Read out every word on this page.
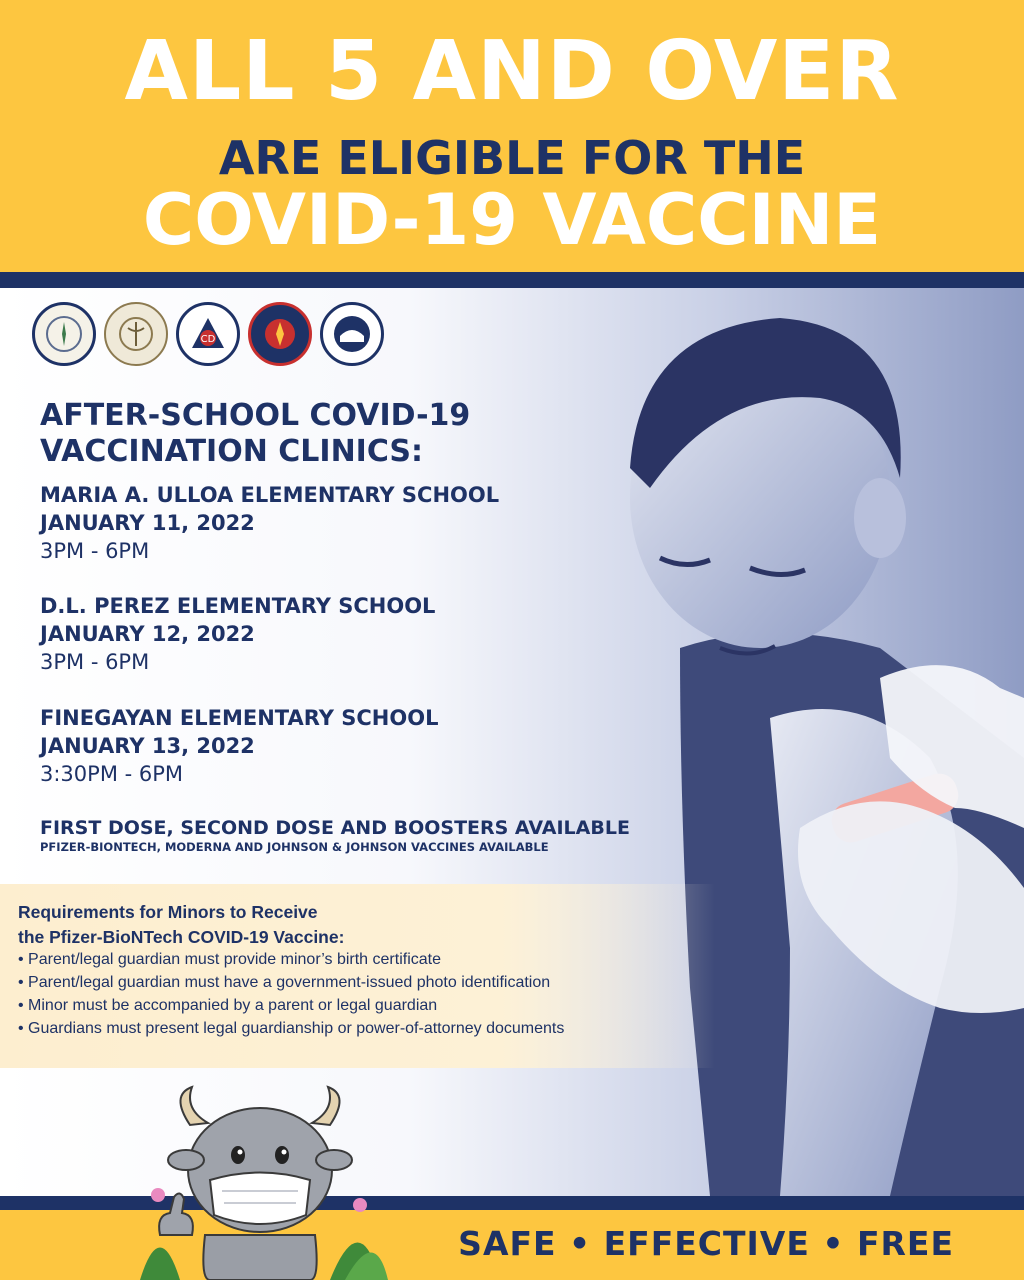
ALL 5 AND OVER
ARE ELIGIBLE FOR THE
COVID-19 VACCINE
CD
AFTER-SCHOOL COVID-19
VACCINATION CLINICS:
MARIA A. ULLOA ELEMENTARY SCHOOL
JANUARY 11, 2022
3PM - 6PM
D.L. PEREZ ELEMENTARY SCHOOL
JANUARY 12, 2022
3PM - 6PM
FINEGAYAN ELEMENTARY SCHOOL
JANUARY 13, 2022
3:30PM - 6PM
FIRST DOSE, SECOND DOSE AND BOOSTERS AVAILABLE
PFIZER-BIONTECH, MODERNA AND JOHNSON & JOHNSON VACCINES AVAILABLE
Requirements for Minors to Receive
the Pfizer-BioNTech COVID-19 Vaccine:
• Parent/legal guardian must provide minor’s birth certificate
• Parent/legal guardian must have a government-issued photo identification
• Minor must be accompanied by a parent or legal guardian
• Guardians must present legal guardianship or power-of-attorney documents
SAFE • EFFECTIVE • FREE
